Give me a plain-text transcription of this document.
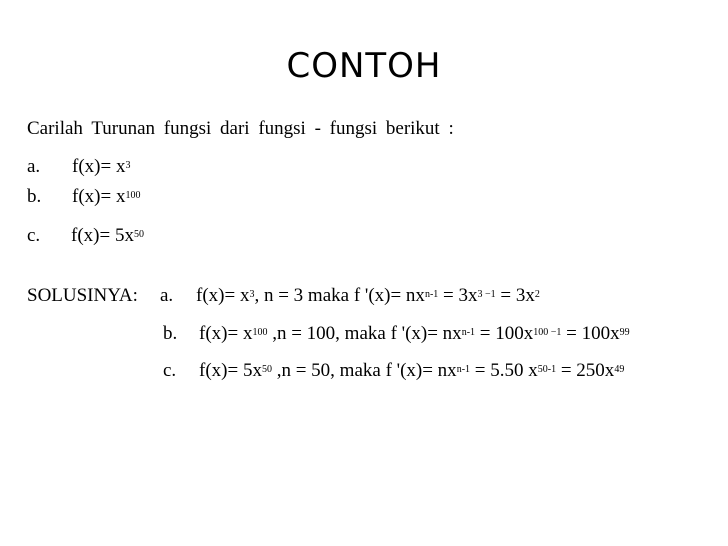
CONTOH
Carilah Turunan fungsi dari fungsi - fungsi berikut :
a. $f(x)= x^3$
b. $f(x)= x^{100}$
c. $f(x)= 5x^{50}$
SOLUSINYA: a. $f(x)= x^3$, n = 3 maka f '$(x)= nx^{n-1} = 3x^{3 -1} = 3x^2$
b. $f(x)= x^{100}$ ,n = 100, maka f '$(x)= nx^{n-1} = 100x^{100 -1} = 100x^{99}$
c. $f(x)= 5x^{50}$ ,n = 50, maka f '$(x)= nx^{n-1} = 5.50$ $x^{50-1} = 250x^{49}$
